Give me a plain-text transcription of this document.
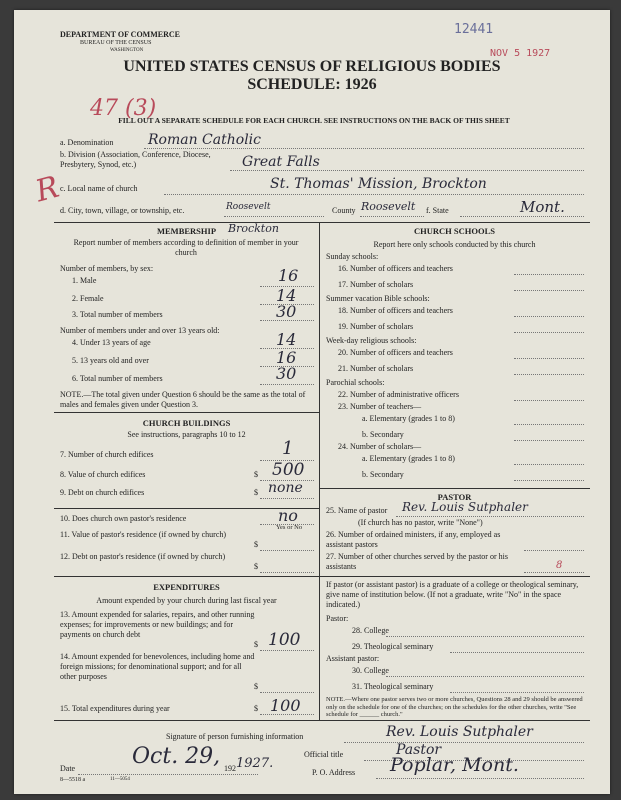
DEPARTMENT OF COMMERCE
BUREAU OF THE CENSUS
WASHINGTON
12441
NOV 5 1927
UNITED STATES CENSUS OF RELIGIOUS BODIES
SCHEDULE: 1926
47 (3)
R
FILL OUT A SEPARATE SCHEDULE FOR EACH CHURCH. SEE INSTRUCTIONS ON THE BACK OF THIS SHEET
a. Denomination Roman Catholic
b. Division (Association, Conference, Diocese, Presbytery, Synod, etc.)	Great Falls
c. Local name of church	St. Thomas' Mission, Brockton
d. City, town, village, or township, etc.	Roosevelt	County Roosevelt f. State	Mont.
MEMBERSHIP	Brockton
Report number of members according to definition of member in your church
Number of members, by sex:
1. Male	16
2. Female	14
3. Total number of members	30
Number of members under and over 13 years old:
4. Under 13 years of age	14
5. 13 years old and over	16
6. Total number of members	30
NOTE.—The total given under Question 6 should be the same as the total of males and females given under Question 3.
CHURCH BUILDINGS
See instructions, paragraphs 10 to 12
7. Number of church edifices	1
8. Value of church edifices	$ 500
9. Debt on church edifices	$ none
10. Does church own pastor's residence	no
Yes or No
11. Value of pastor's residence (if owned by church)
$
12. Debt on pastor's residence (if owned by church)
$
EXPENDITURES
Amount expended by your church during last fiscal year
13. Amount expended for salaries, repairs, and other running expenses; for improvements or new buildings; and for payments on church debt
$ 100
14. Amount expended for benevolences, including home and foreign missions; for denominational support; and for all other purposes
$
15. Total expenditures during year	$ 100
CHURCH SCHOOLS
Report here only schools conducted by this church
Sunday schools:
16. Number of officers and teachers
17. Number of scholars
Summer vacation Bible schools:
18. Number of officers and teachers
19. Number of scholars
Week-day religious schools:
20. Number of officers and teachers
21. Number of scholars
Parochial schools:
22. Number of administrative officers
23. Number of teachers—
a. Elementary (grades 1 to 8)
b. Secondary
24. Number of scholars—
a. Elementary (grades 1 to 8)
b. Secondary
PASTOR
25. Name of pastor Rev. Louis Sutphaler
(If church has no pastor, write "None")
26. Number of ordained ministers, if any, employed as assistant pastors
27. Number of other churches served by the pastor or his assistants	8
If pastor (or assistant pastor) is a graduate of a college or theological seminary, give name of institution below. (If not a graduate, write "No" in the space indicated.)
Pastor:
28. College
29. Theological seminary
Assistant pastor:
30. College
31. Theological seminary
NOTE.—Where one pastor serves two or more churches, Questions 28 and 29 should be answered only on the schedule for one of the churches; on the schedules for the other churches, write "See schedule for ______ church."
Signature of person furnishing information	Rev. Louis Sutphaler
Official title	Pastor
Date	Oct. 29, 192 1927.
P. O. Address Poplar, Mont.
8—5518 a	11—5054
